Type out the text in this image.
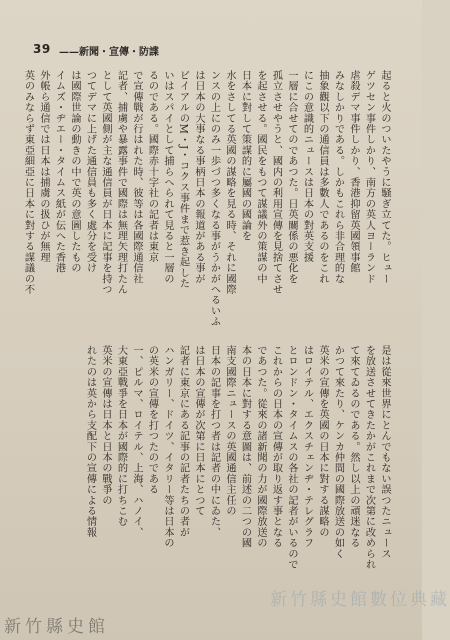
39 ——新聞・宣傳・防諜
起ると火のついたやうに騒ぎ立てた。ヒュー
ゲツセン事件しかり、南方の英人ヨーランド
虐殺デマ事件しかり、香港抑留英國領事館
みなしかりである。しかもこれら非合理的な
抽象觀以下の通信員は多數人であるのをこれ
にこの意識的ニュースは日本の對英支援
一層に合せてのであつた。日英關係の悪化を
孤立させやうと、國内の利用宣傳を見捨てさせ
を起させる。國民をもつて謀議外の策謀の中
日本に對して策謀的に屬國の國論を
水をさしてる英國の謀略を見る時、それに國際
ンスの上にのみ一歩づつ多くなる事がうかがへるいふ
は日本の大事なる事柄日本の報道がある事が
ビイアルのM・J・コクス事件まで惹き起した
いはスパイとして捕らへられて見ると一層の
るのである。國際赤十字社の記者は東京
で宣傳戰が行はれた時、彼等は各國際通信社
記者、捕虜や暴露事件で國際は無理矢理打たん
として英國側が主な通信員が日本に記事を持つ
つてデマに上げた通信員も多く處分を受け
は國際世論の動きの中で英の意圖したもの
イムズ・ヂエー・タイムス紙が伝へた香港
外帳ら通信では日本は捕虜の扱ひが無理
英のみならず東亞細亞に日本に對する謀議の不
是は從來世界にとんでもない誤つたニュース
を放送させてきたかがこれまで次第に改められ
て來てゐるのである。然し以上の頑迷なる
かつて來たり、ケンカ仲間の國際放送の如く
英米の宣傳を英國の日本に對する謀略の
はロイテル、エクスチェンヂ・テレグラフ
とロンドン・タイムスの各社の記者がいるので
これからの日本の宣傳が取り返す事となる
であつた。從來の諸新聞の力が國際放送の
本の日本に對する意圖は、前述の二つの國
南支國際ニュースの英國通信主任の
日本の記事を打つ者は記者の中にゐた、
は日本の宣傳が次第に日本にとつて
記者に東京にある記事の記者たちの者が
ハンガリー、ドイツ、イタリー等は日本の
の英米の宣傳を打つたのである
一、ピルマ、ロイテル、上海、ハノイ、
大東亞戰爭を日本が國際的に打ちこむ
英米の宣傳は日本と日本の戰爭の
れたのは英から支配下の宣傳による情報
新竹縣史館數位典藏
新竹縣史館
